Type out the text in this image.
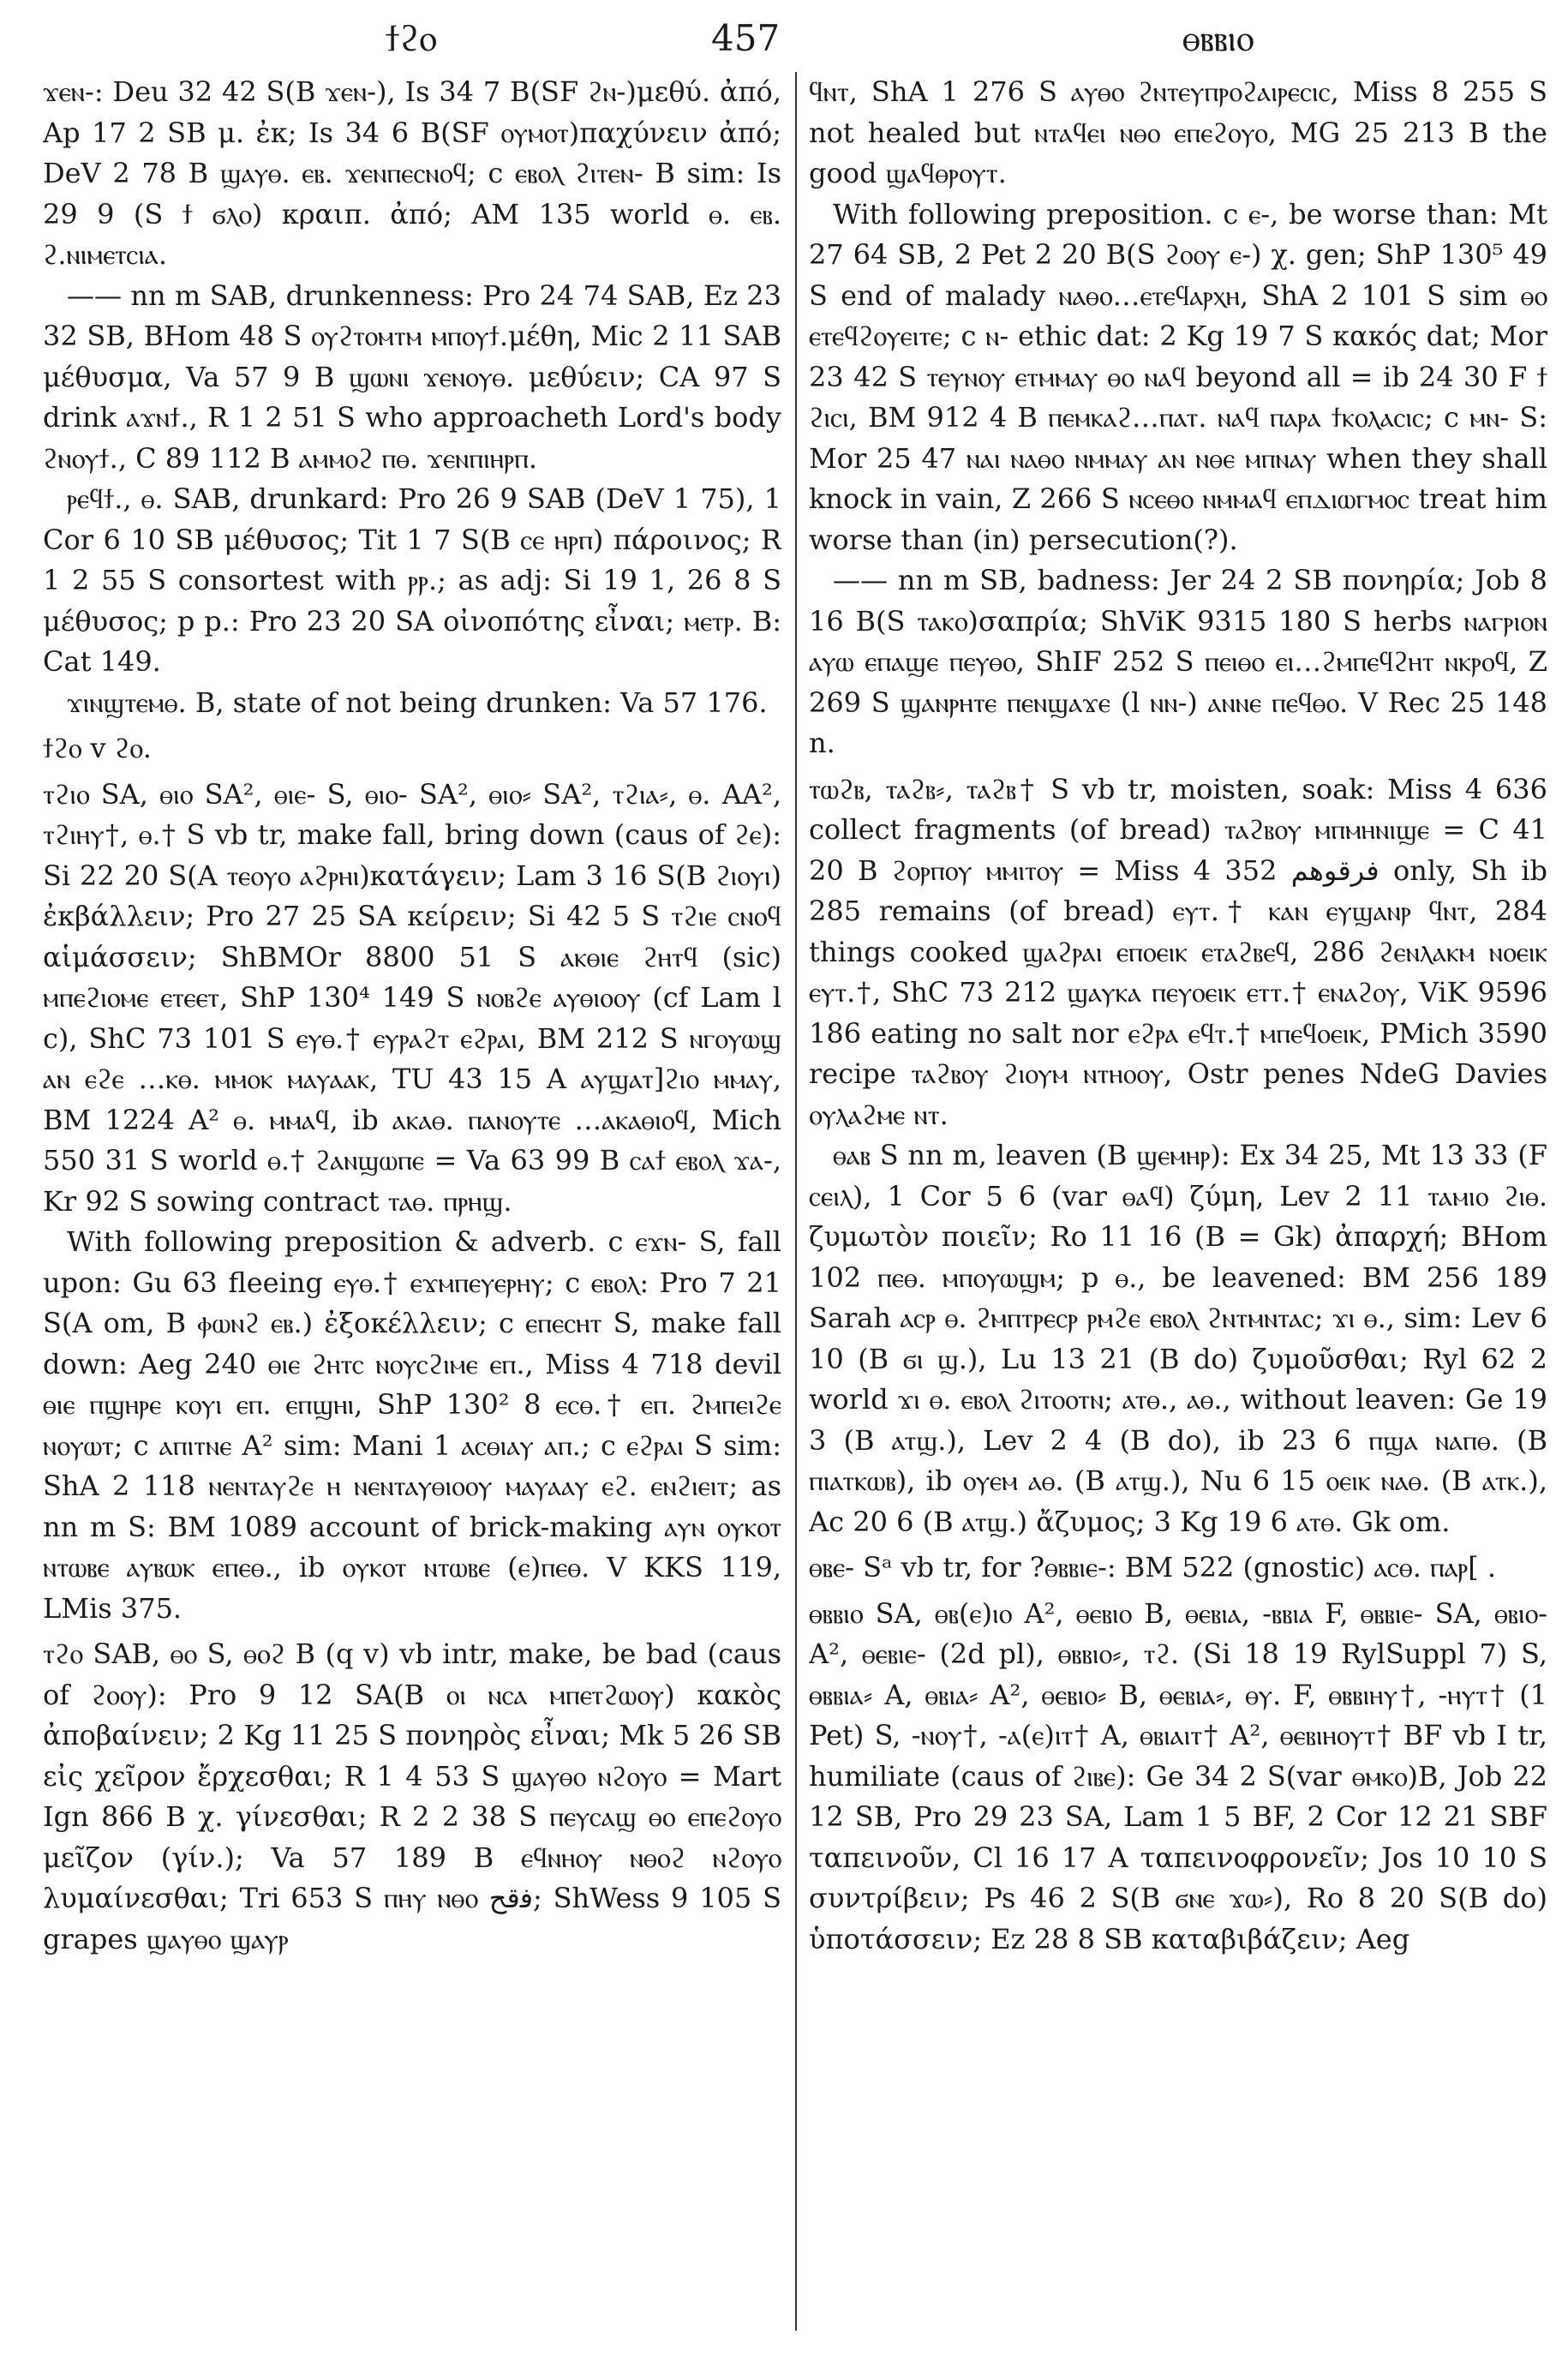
ϯϩⲟ	457	ⲑⲃⲃⲓⲟ

ϫⲉⲛ-: Deu 32 42 S(B ϫⲉⲛ-), Is 34 7 B(SF ϩⲛ-)μεθύ. ἀπό, Ap 17 2 SB μ. ἐκ; Is 34 6 B(SF ⲟⲩⲙⲟⲧ)παχύνειν ἀπό; DeV 2 78 B ϣⲁⲩⲑ. ⲉⲃ. ϫⲉⲛⲡⲉⲥⲛⲟϥ; c ⲉⲃⲟⲗ ϩⲓⲧⲉⲛ- B sim: Is 29 9 (S ϯ ϭⲗⲟ) κραιπ. ἀπό; AM 135 world ⲑ. ⲉⲃ. ϩ.ⲛⲓⲙⲉⲧⲥⲓⲁ.

—— nn m SAB, drunkenness: Pro 24 74 SAB, Ez 23 32 SB, BHom 48 S ⲟⲩϩⲧⲟⲙⲧⲙ ⲙⲡⲟⲩϯ.μέθη, Mic 2 11 SAB μέθυσμα, Va 57 9 B ϣⲱⲛⲓ ϫⲉⲛⲟⲩⲑ. μεθύειν; CA 97 S drink ⲁϫⲛϯ., R 1 2 51 S who approacheth Lord's body ϩⲛⲟⲩϯ., C 89 112 B ⲁⲙⲙⲟϩ ⲡⲑ. ϫⲉⲛⲡⲓⲏⲣⲡ.

ⲣⲉϥϯ., ⲑ. SAB, drunkard: Pro 26 9 SAB (DeV 1 75), 1 Cor 6 10 SB μέθυσος; Tit 1 7 S(B ⲥⲉ ⲏⲣⲡ) πάροινος; R 1 2 55 S consortest with ⲣⲣ.; as adj: Si 19 1, 26 8 S μέθυσος; p p.: Pro 23 20 SA οἰνοπότης εἶναι; ⲙⲉⲧⲣ. B: Cat 149.

ϫⲓⲛϣⲧⲉⲙⲑ. B, state of not being drunken: Va 57 176.

ϯϩⲟ v ϩⲟ.

ⲧϩⲓⲟ SA, ⲑⲓⲟ SA², ⲑⲓⲉ- S, ⲑⲓⲟ- SA², ⲑⲓⲟ⸗ SA², ⲧϩⲓⲁ⸗, ⲑ. AA², ⲧϩⲓⲏⲩ†, ⲑ.† S vb tr, make fall, bring down (caus of ϩⲉ): Si 22 20 S(A ⲧⲉⲟⲩⲟ ⲁϩⲣⲏⲓ)κατάγειν; Lam 3 16 S(B ϩⲓⲟⲩⲓ) ἐκβάλλειν; Pro 27 25 SA κείρειν; Si 42 5 S ⲧϩⲓⲉ ⲥⲛⲟϥ αἱμάσσειν; ShBMOr 8800 51 S ⲁⲕⲑⲓⲉ ϩⲏⲧϥ (sic) ⲙⲡⲉϩⲓⲟⲙⲉ ⲉⲧⲉⲉⲧ, ShP 130⁴ 149 S ⲛⲟⲃϩⲉ ⲁⲩⲑⲓⲟⲟⲩ (cf Lam l c), ShC 73 101 S ⲉⲩⲑ.† ⲉⲩⲣⲁϩⲧ ⲉϩⲣⲁⲓ, BM 212 S ⲛⲅⲟⲩⲱϣ ⲁⲛ ⲉϩⲉ …ⲕⲑ. ⲙⲙⲟⲕ ⲙⲁⲩⲁⲁⲕ, TU 43 15 A ⲁⲩϣⲁⲧ]ϩⲓⲟ ⲙⲙⲁⲩ, BM 1224 A² ⲑ. ⲙⲙⲁϥ, ib ⲁⲕⲁⲑ. ⲡⲁⲛⲟⲩⲧⲉ …ⲁⲕⲁⲑⲓⲟϥ, Mich 550 31 S world ⲑ.† ϩⲁⲛϣⲱⲡⲉ = Va 63 99 B ⲥⲁϯ ⲉⲃⲟⲗ ϫⲁ-, Kr 92 S sowing contract ⲧⲁⲑ. ⲡⲣⲏϣ.

With following preposition & adverb. c ⲉϫⲛ- S, fall upon: Gu 63 fleeing ⲉⲩⲑ.† ⲉϫⲙⲡⲉⲩⲉⲣⲏⲩ; c ⲉⲃⲟⲗ: Pro 7 21 S(A om, B ⲫⲱⲛϩ ⲉⲃ.) ἐξοκέλλειν; c ⲉⲡⲉⲥⲏⲧ S, make fall down: Aeg 240 ⲑⲓⲉ ϩⲏⲧⲥ ⲛⲟⲩⲥϩⲓⲙⲉ ⲉⲡ., Miss 4 718 devil ⲑⲓⲉ ⲡϣⲏⲣⲉ ⲕⲟⲩⲓ ⲉⲡ. ⲉⲡϣⲏⲓ, ShP 130² 8 ⲉⲥⲑ.† ⲉⲡ. ϩⲙⲡⲉⲓϩⲉ ⲛⲟⲩⲱⲧ; c ⲁⲡⲓⲧⲛⲉ A² sim: Mani 1 ⲁⲥⲑⲓⲁⲩ ⲁⲡ.; c ⲉϩⲣⲁⲓ S sim: ShA 2 118 ⲛⲉⲛⲧⲁⲩϩⲉ ⲏ ⲛⲉⲛⲧⲁⲩⲑⲓⲟⲟⲩ ⲙⲁⲩⲁⲁⲩ ⲉϩ. ⲉⲛϩⲓⲉⲓⲧ; as nn m S: BM 1089 account of brick-making ⲁⲩⲛ ⲟⲩⲕⲟⲧ ⲛⲧⲱⲃⲉ ⲁⲩⲃⲱⲕ ⲉⲡⲉⲑ., ib ⲟⲩⲕⲟⲧ ⲛⲧⲱⲃⲉ (ⲉ)ⲡⲉⲑ. V KKS 119, LMis 375.

ⲧϩⲟ SAB, ⲑⲟ S, ⲑⲟϩ B (q v) vb intr, make, be bad (caus of ϩⲟⲟⲩ): Pro 9 12 SA(B ⲟⲓ ⲛⲥⲁ ⲙⲡⲉⲧϩⲱⲟⲩ) κακὸς ἀποβαίνειν; 2 Kg 11 25 S πονηρὸς εἶναι; Mk 5 26 SB εἰς χεῖρον ἔρχεσθαι; R 1 4 53 S ϣⲁⲩⲑⲟ ⲛϩⲟⲩⲟ = Mart Ign 866 B χ. γίνεσθαι; R 2 2 38 S ⲡⲉⲩⲥⲁϣ ⲑⲟ ⲉⲡⲉϩⲟⲩⲟ μεῖζον (γίν.); Va 57 189 B ⲉϥⲛⲏⲟⲩ ⲛⲑⲟϩ ⲛϩⲟⲩⲟ λυμαίνεσθαι; Tri 653 S ⲡⲏⲩ ⲛⲑⲟ ﻓﻗﺢ; ShWess 9 105 S grapes ϣⲁⲩⲑⲟ ϣⲁⲩⲣ

ϥⲛⲧ, ShA 1 276 S ⲁⲩⲑⲟ ϩⲛⲧⲉⲩⲡⲣⲟϩⲁⲓⲣⲉⲥⲓⲥ, Miss 8 255 S not healed but ⲛⲧⲁϥⲉⲓ ⲛⲑⲟ ⲉⲡⲉϩⲟⲩⲟ, MG 25 213 B the good ϣⲁϥⲑⲣⲟⲩⲧ.

With following preposition. c ⲉ-, be worse than: Mt 27 64 SB, 2 Pet 2 20 B(S ϩⲟⲟⲩ ⲉ-) χ. gen; ShP 130⁵ 49 S end of malady ⲛⲁⲑⲟ…ⲉⲧⲉϥⲁⲣⲭⲏ, ShA 2 101 S sim ⲑⲟ ⲉⲧⲉϥϩⲟⲩⲉⲓⲧⲉ; c ⲛ- ethic dat: 2 Kg 19 7 S κακός dat; Mor 23 42 S ⲧⲉⲩⲛⲟⲩ ⲉⲧⲙⲙⲁⲩ ⲑⲟ ⲛⲁϥ beyond all = ib 24 30 F ϯ ϩⲓⲥⲓ, BM 912 4 B ⲡⲉⲙⲕⲁϩ…ⲡⲁⲧ. ⲛⲁϥ ⲡⲁⲣⲁ ϯⲕⲟⲗⲁⲥⲓⲥ; c ⲙⲛ- S: Mor 25 47 ⲛⲁⲓ ⲛⲁⲑⲟ ⲛⲙⲙⲁⲩ ⲁⲛ ⲛⲑⲉ ⲙⲡⲛⲁⲩ when they shall knock in vain, Z 266 S ⲛⲥⲉⲑⲟ ⲛⲙⲙⲁϥ ⲉⲡⲇⲓⲱⲅⲙⲟⲥ treat him worse than (in) persecution(?).

—— nn m SB, badness: Jer 24 2 SB πονηρία; Job 8 16 B(S ⲧⲁⲕⲟ)σαπρία; ShViK 9315 180 S herbs ⲛⲁⲅⲣⲓⲟⲛ ⲁⲩⲱ ⲉⲡⲁϣⲉ ⲡⲉⲩⲑⲟ, ShIF 252 S ⲡⲉⲓⲑⲟ ⲉⲓ…ϩⲙⲡⲉϥϩⲏⲧ ⲛⲕⲣⲟϥ, Z 269 S ϣⲁⲛⲣⲏⲧⲉ ⲡⲉⲛϣⲁϫⲉ (l ⲛⲛ-) ⲁⲛⲛⲉ ⲡⲉϥⲑⲟ. V Rec 25 148 n.

ⲧⲱϩⲃ, ⲧⲁϩⲃ⸗, ⲧⲁϩⲃ† S vb tr, moisten, soak: Miss 4 636 collect fragments (of bread) ⲧⲁϩⲃⲟⲩ ⲙⲡⲙⲏⲛⲓϣⲉ = C 41 20 B ϩⲟⲣⲡⲟⲩ ⲙⲙⲓⲧⲟⲩ = Miss 4 352 ﻓﺮﻗﻮﻫﻢ only, Sh ib 285 remains (of bread) ⲉⲩⲧ.† ⲕⲁⲛ ⲉⲩϣⲁⲛⲣ ϥⲛⲧ, 284 things cooked ϣⲁϩⲣⲁⲓ ⲉⲡⲟⲉⲓⲕ ⲉⲧⲁϩⲃⲉϥ, 286 ϩⲉⲛⲗⲁⲕⲙ ⲛⲟⲉⲓⲕ ⲉⲩⲧ.†, ShC 73 212 ϣⲁⲩⲕⲁ ⲡⲉⲩⲟⲉⲓⲕ ⲉⲧⲧ.† ⲉⲛⲁϩⲟⲩ, ViK 9596 186 eating no salt nor ⲉϩⲣⲁ ⲉϥⲧ.† ⲙⲡⲉϥⲟⲉⲓⲕ, PMich 3590 recipe ⲧⲁϩⲃⲟⲩ ϩⲓⲟⲩⲙ ⲛⲧⲏⲟⲟⲩ, Ostr penes NdeG Davies ⲟⲩⲗⲁϩⲙⲉ ⲛⲧ.

ⲑⲁⲃ S nn m, leaven (B ϣⲉⲙⲏⲣ): Ex 34 25, Mt 13 33 (F ⲥⲉⲓⲗ), 1 Cor 5 6 (var ⲑⲁϥ) ζύμη, Lev 2 11 ⲧⲁⲙⲓⲟ ϩⲓⲑ. ζυμωτὸν ποιεῖν; Ro 11 16 (B = Gk) ἀπαρχή; BHom 102 ⲡⲉⲑ. ⲙⲡⲟⲩⲱϣⲙ; p ⲑ., be leavened: BM 256 189 Sarah ⲁⲥⲣ ⲑ. ϩⲙⲡⲧⲣⲉⲥⲣ ⲣⲙϩⲉ ⲉⲃⲟⲗ ϩⲛⲧⲙⲛⲧⲁⲥ; ϫⲓ ⲑ., sim: Lev 6 10 (B ϭⲓ ϣ.), Lu 13 21 (B do) ζυμοῦσθαι; Ryl 62 2 world ϫⲓ ⲑ. ⲉⲃⲟⲗ ϩⲓⲧⲟⲟⲧⲛ; ⲁⲧⲑ., ⲁⲑ., without leaven: Ge 19 3 (B ⲁⲧϣ.), Lev 2 4 (B do), ib 23 6 ⲡϣⲁ ⲛⲁⲡⲑ. (B ⲡⲓⲁⲧⲕⲱⲃ), ib ⲟⲩⲉⲙ ⲁⲑ. (B ⲁⲧϣ.), Nu 6 15 ⲟⲉⲓⲕ ⲛⲁⲑ. (B ⲁⲧⲕ.), Ac 20 6 (B ⲁⲧϣ.) ἄζυμος; 3 Kg 19 6 ⲁⲧⲑ. Gk om.

ⲑⲃⲉ- Sᵃ vb tr, for ?ⲑⲃⲃⲓⲉ-: BM 522 (gnostic) ⲁⲥⲑ. ⲡⲁⲣ[ .

ⲑⲃⲃⲓⲟ SA, ⲑⲃ(ⲉ)ⲓⲟ A², ⲑⲉⲃⲓⲟ B, ⲑⲉⲃⲓⲁ, -ⲃⲃⲓⲁ F, ⲑⲃⲃⲓⲉ- SA, ⲑⲃⲓⲟ- A², ⲑⲉⲃⲓⲉ- (2d pl), ⲑⲃⲃⲓⲟ⸗, ⲧϩ. (Si 18 19 RylSuppl 7) S, ⲑⲃⲃⲓⲁ⸗ A, ⲑⲃⲓⲁ⸗ A², ⲑⲉⲃⲓⲟ⸗ B, ⲑⲉⲃⲓⲁ⸗, ⲑⲩ. F, ⲑⲃⲃⲓⲏⲩ†, -ⲏⲩⲧ† (1 Pet) S, -ⲛⲟⲩ†, -ⲁ(ⲉ)ⲓⲧ† A, ⲑⲃⲓⲁⲓⲧ† A², ⲑⲉⲃⲓⲏⲟⲩⲧ† BF vb I tr, humiliate (caus of ϩⲓⲃⲉ): Ge 34 2 S(var ⲑⲙⲕⲟ)B, Job 22 12 SB, Pro 29 23 SA, Lam 1 5 BF, 2 Cor 12 21 SBF ταπεινοῦν, Cl 16 17 A ταπεινοφρονεῖν; Jos 10 10 S συντρίβειν; Ps 46 2 S(B ϭⲛⲉ ϫⲱ⸗), Ro 8 20 S(B do) ὑποτάσσειν; Ez 28 8 SB καταβιβάζειν; Aeg
